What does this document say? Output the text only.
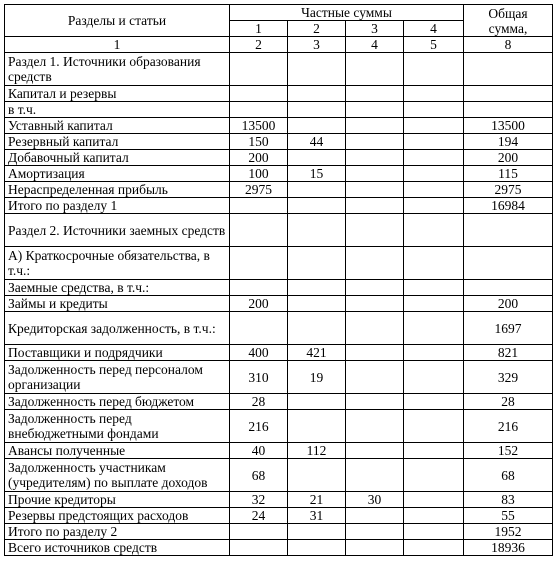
Разделы и статьи	Частные суммы				Общая
сумма,

	1	2	3	4	
1	2	3	4	5	8
Раздел 1. Источники образования средств					
Капитал и резервы					
в т.ч.					
Уставный капитал	13500				13500
Резервный капитал	150	44			194
Добавочный капитал	200				200
Амортизация	100	15			115
Нераспределенная прибыль	2975				2975
Итого по разделу 1					16984
Раздел 2. Источники заемных средств					
А) Краткосрочные обязательства, в т.ч.:					
Заемные средства, в т.ч.:					
Займы и кредиты	200				200
Кредиторская задолженность, в т.ч.:					1697
Поставщики и подрядчики	400	421			821
Задолженность перед персоналом организации	310	19			329
Задолженность перед бюджетом	28				28
Задолженность перед внебюджетными фондами	216				216
Авансы полученные	40	112			152
Задолженность участникам (учредителям) по выплате доходов	68				68
Прочие кредиторы	32	21	30		83
Резервы предстоящих расходов	24	31			55
Итого по разделу 2					1952
Всего источников средств					18936
